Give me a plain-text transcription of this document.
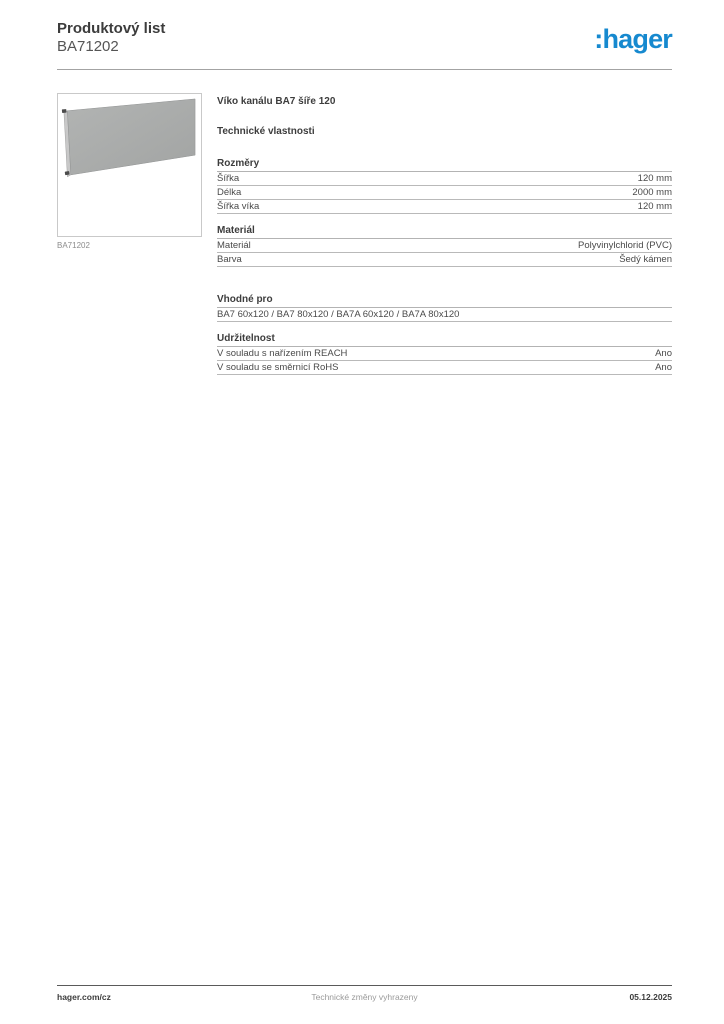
Produktový list
BA71202	:hager
BA71202
Víko kanálu BA7 šíře 120
Technické vlastnosti
Rozměry
Šířka	120 mm
Délka	2000 mm
Šířka víka	120 mm
Materiál
Materiál	Polyvinylchlorid (PVC)
Barva	Šedý kámen
Vhodné pro
BA7 60x120 / BA7 80x120 / BA7A 60x120 / BA7A 80x120
Udržitelnost
V souladu s nařízením REACH	Ano
V souladu se směrnicí RoHS	Ano
hager.com/cz	Technické změny vyhrazeny	05.12.2025
